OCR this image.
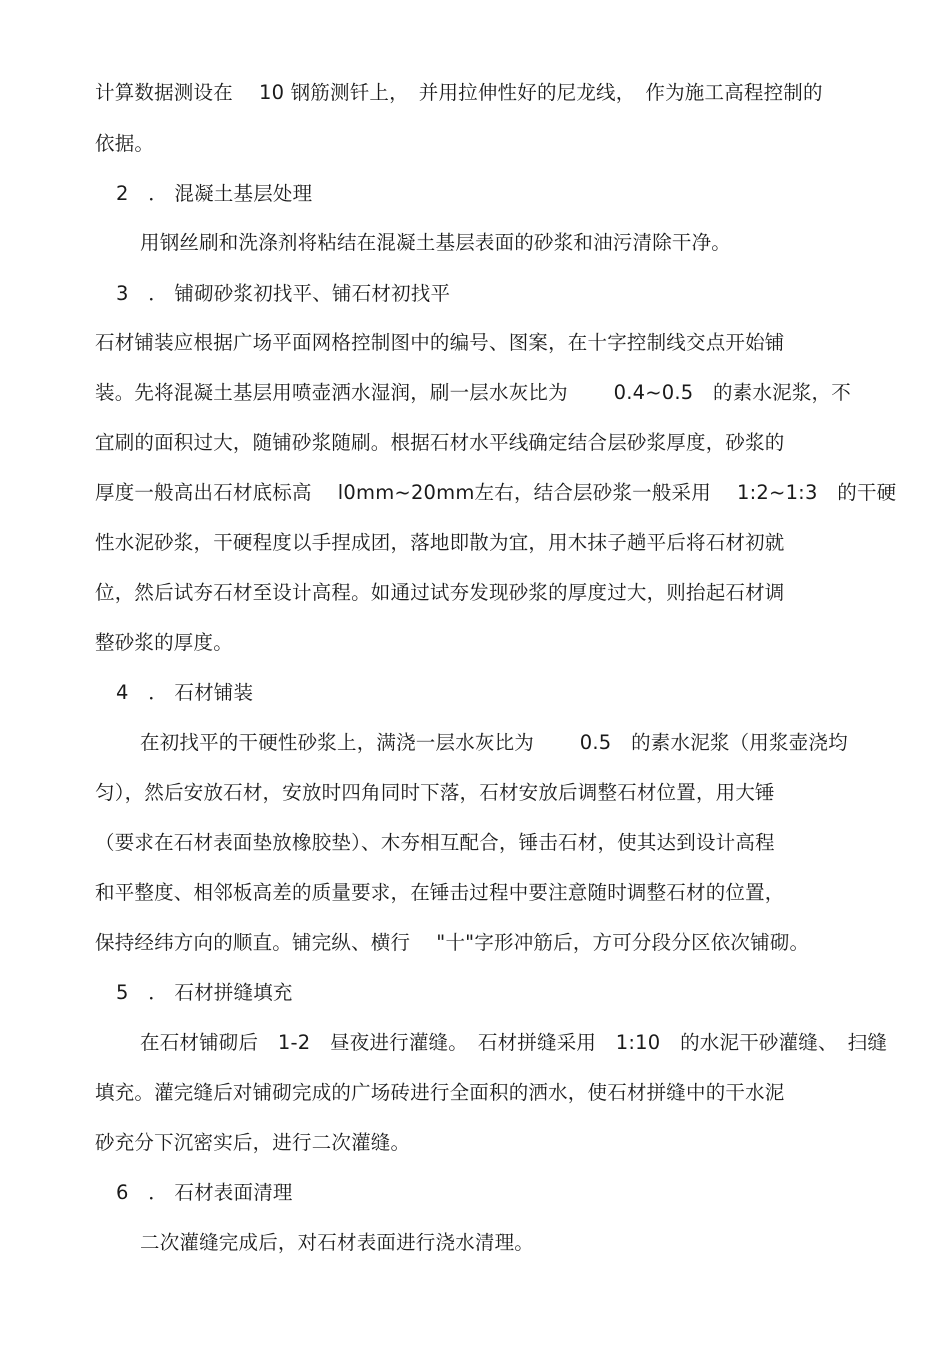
计算数据测设在　 10 钢筋测钎上，　并用拉伸性好的尼龙线，　作为施工高程控制的
依据。
2　． 混凝土基层处理
用钢丝刷和洗涤剂将粘结在混凝土基层表面的砂浆和油污清除干净。
3　． 铺砌砂浆初找平、铺石材初找平
石材铺装应根据广场平面网格控制图中的编号、图案，在十字控制线交点开始铺
装。先将混凝土基层用喷壶洒水湿润，刷一层水灰比为　　 0.4~0.5　的素水泥浆，不
宜刷的面积过大，随铺砂浆随刷。根据石材水平线确定结合层砂浆厚度，砂浆的
厚度一般高出石材底标高　 l0mm~20mm左右，结合层砂浆一般采用　 1:2~1:3　的干硬
性水泥砂浆，干硬程度以手捏成团，落地即散为宜，用木抹子趟平后将石材初就
位，然后试夯石材至设计高程。如通过试夯发现砂浆的厚度过大，则抬起石材调
整砂浆的厚度。
4　． 石材铺装
在初找平的干硬性砂浆上，满浇一层水灰比为　　 0.5　的素水泥浆（用浆壶浇均
匀），然后安放石材，安放时四角同时下落，石材安放后调整石材位置，用大锤
（要求在石材表面垫放橡胶垫）、木夯相互配合，锤击石材，使其达到设计高程
和平整度、相邻板高差的质量要求，在锤击过程中要注意随时调整石材的位置，
保持经纬方向的顺直。铺完纵、横行　 "十"字形冲筋后，方可分段分区依次铺砌。
5　． 石材拼缝填充
在石材铺砌后　1-2　昼夜进行灌缝。　石材拼缝采用　1:10　的水泥干砂灌缝、　扫缝
填充。灌完缝后对铺砌完成的广场砖进行全面积的洒水，使石材拼缝中的干水泥
砂充分下沉密实后，进行二次灌缝。
6　． 石材表面清理
二次灌缝完成后，对石材表面进行浇水清理。
